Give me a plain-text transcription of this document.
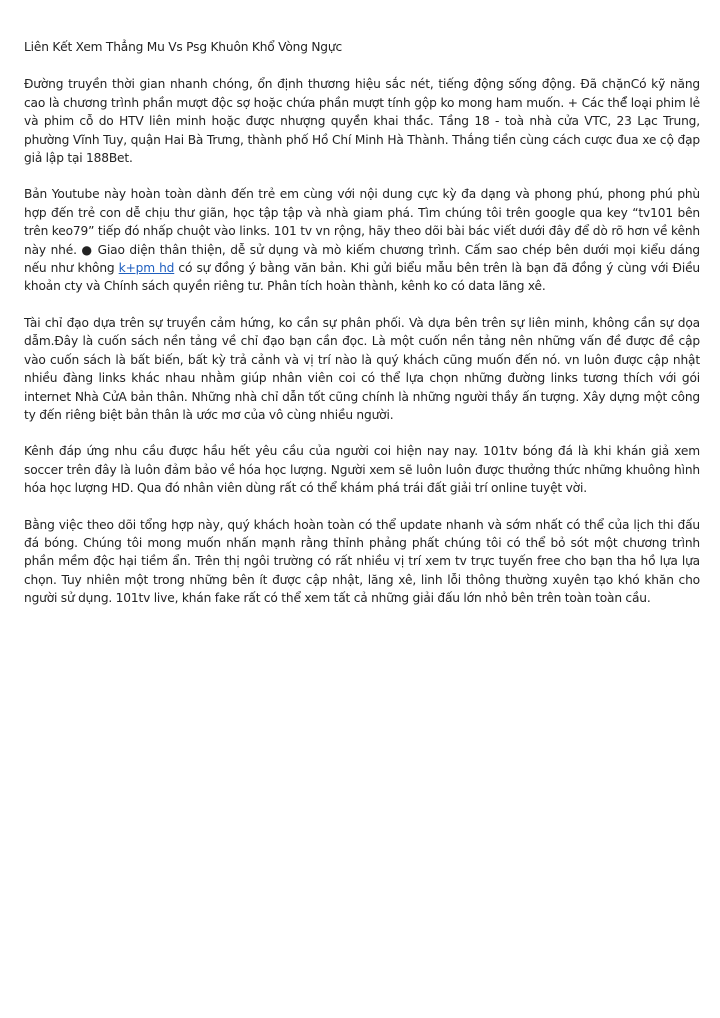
Liên Kết Xem Thẳng Mu Vs Psg Khuôn Khổ Vòng Ngực

Đường truyền thời gian nhanh chóng, ổn định thương hiệu sắc nét, tiếng động sống động. Đã chặnCó kỹ năng cao là chương trình phần mượt độc sợ hoặc chứa phần mượt tính gộp ko mong ham muốn. + Các thể̉ loạ̣i phim lẻ và phim cỗ do HTV liên minh hoặc đượ̣c nhượ̣ng quyề̀n khai thá́c. Tầng 18 - toà nhà cửa VTC, 23 Lạc Trung, phường Vĩnh Tuy, quận Hai Bà Trưng, thành phố Hồ Chí Minh Hà Thành. Thắng tiền cùng cách cược đua xe cộ đạp giả lập tại 188Bet.

Bản Youtube này hoàn toàn dành đến trẻ em cùng với nội dung cực kỳ đa dạng và phong phú, phong phú phù hợp đến trẻ con dễ chịu thư giãn, học tập tập và nhà giam phá. Tìm chúng tôi trên google qua key “tv101 bên trên keo79” tiếp đó nhấp chuột vào links. 101 tv vn rộng, hãy theo dõi bài bác viết dưới đây để dò rõ hơn về kênh này nhé. ● Giao diện thân thiện, dễ sử dụng và mò kiếm chương trình. Cấm sao chép bên dưới mọi kiểu dáng nếu như không k+pm hd có sự đồng ý bằng văn bản. Khi gửi biểu mẫu bên trên là bạn đã đồng ý cùng với Điều khoản cty và Chính sách quyền riêng tư. Phân tích hoàn thành, kênh ko có data lăng xê.

Tài chỉ đạo dựa trên sự truyền cảm hứng, ko cần sự phân phối. Và dựa bên trên sự liên minh, không cần sự dọa dẫm.Đây là cuốn sách nền tảng về chỉ đạo bạn cần đọc. Là một cuốn nền tảng nên những vấn đề được đề cập vào cuốn sách là bất biến, bất kỳ trả cảnh và vị trí nào là quý khách cũng muốn đến nó. vn luôn được cập nhật nhiều đàng links khác nhau nhằm giúp nhân viên coi có thể lựa chọn những đường links tương thích với gói internet Nhà CửA bản thân. Những nhà chỉ dẫn tốt cũng chính là những người thầy ấn tượng. Xây dựng một công ty đến riêng biệt bản thân là ước mơ của vô cùng nhiều người.

Kênh đáp ứng nhu cầu được hầu hết yêu cầu của người coi hiện nay nay. 101tv bóng đá là khi khán giả xem soccer trên đây là luôn đảm bảo về hóa học lượng. Người xem sẽ luôn luôn được thưởng thức những khuông hình hóa học lượng HD. Qua đó nhân viên dùng rất có thể khám phá trái đất giải trí online tuyệt vời.

Bằng việc theo dõi tổng hợp này, quý khách hoàn toàn có thể update nhanh và sớm nhất có thể của lịch thi đấu đá bóng. Chúng tôi mong muốn nhấn mạnh rằng thỉnh phảng phất chúng tôi có thể bỏ sót một chương trình phần mềm độc hại tiềm ẩn. Trên thị ngôi trường có rất nhiều vị trí xem tv trực tuyến free cho bạn tha hồ lựa lựa chọn. Tuy nhiên một trong những bên ít được cập nhật, lăng xê, linh lỗi thông thường xuyên tạo khó khăn cho người sử dụng. 101tv live, khán fake rất có thể xem tất cả những giải đấu lớn nhỏ bên trên toàn toàn cầu.
